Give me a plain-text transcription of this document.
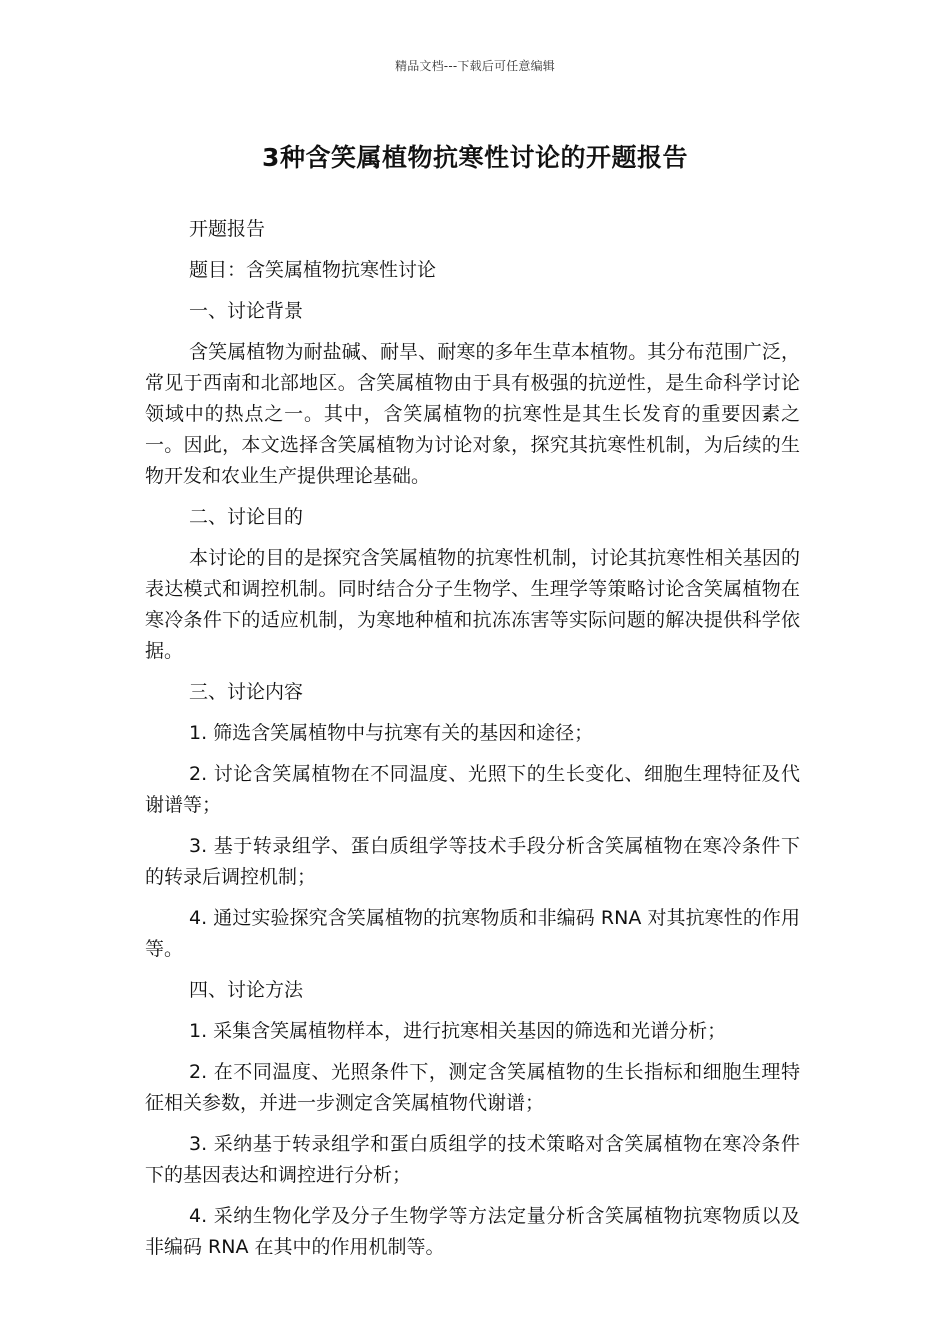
精品文档---下载后可任意编辑
3种含笑属植物抗寒性讨论的开题报告

开题报告

题目：含笑属植物抗寒性讨论

一、讨论背景

含笑属植物为耐盐碱、耐旱、耐寒的多年生草本植物。其分布范围广泛，常见于西南和北部地区。含笑属植物由于具有极强的抗逆性，是生命科学讨论领域中的热点之一。其中，含笑属植物的抗寒性是其生长发育的重要因素之一。因此，本文选择含笑属植物为讨论对象，探究其抗寒性机制，为后续的生物开发和农业生产提供理论基础。

二、讨论目的

本讨论的目的是探究含笑属植物的抗寒性机制，讨论其抗寒性相关基因的表达模式和调控机制。同时结合分子生物学、生理学等策略讨论含笑属植物在寒冷条件下的适应机制，为寒地种植和抗冻冻害等实际问题的解决提供科学依据。

三、讨论内容

1. 筛选含笑属植物中与抗寒有关的基因和途径；

2. 讨论含笑属植物在不同温度、光照下的生长变化、细胞生理特征及代谢谱等；

3. 基于转录组学、蛋白质组学等技术手段分析含笑属植物在寒冷条件下的转录后调控机制；

4. 通过实验探究含笑属植物的抗寒物质和非编码 RNA 对其抗寒性的作用等。

四、讨论方法

1. 采集含笑属植物样本，进行抗寒相关基因的筛选和光谱分析；

2. 在不同温度、光照条件下，测定含笑属植物的生长指标和细胞生理特征相关参数，并进一步测定含笑属植物代谢谱；

3. 采纳基于转录组学和蛋白质组学的技术策略对含笑属植物在寒冷条件下的基因表达和调控进行分析；

4. 采纳生物化学及分子生物学等方法定量分析含笑属植物抗寒物质以及非编码 RNA 在其中的作用机制等。
